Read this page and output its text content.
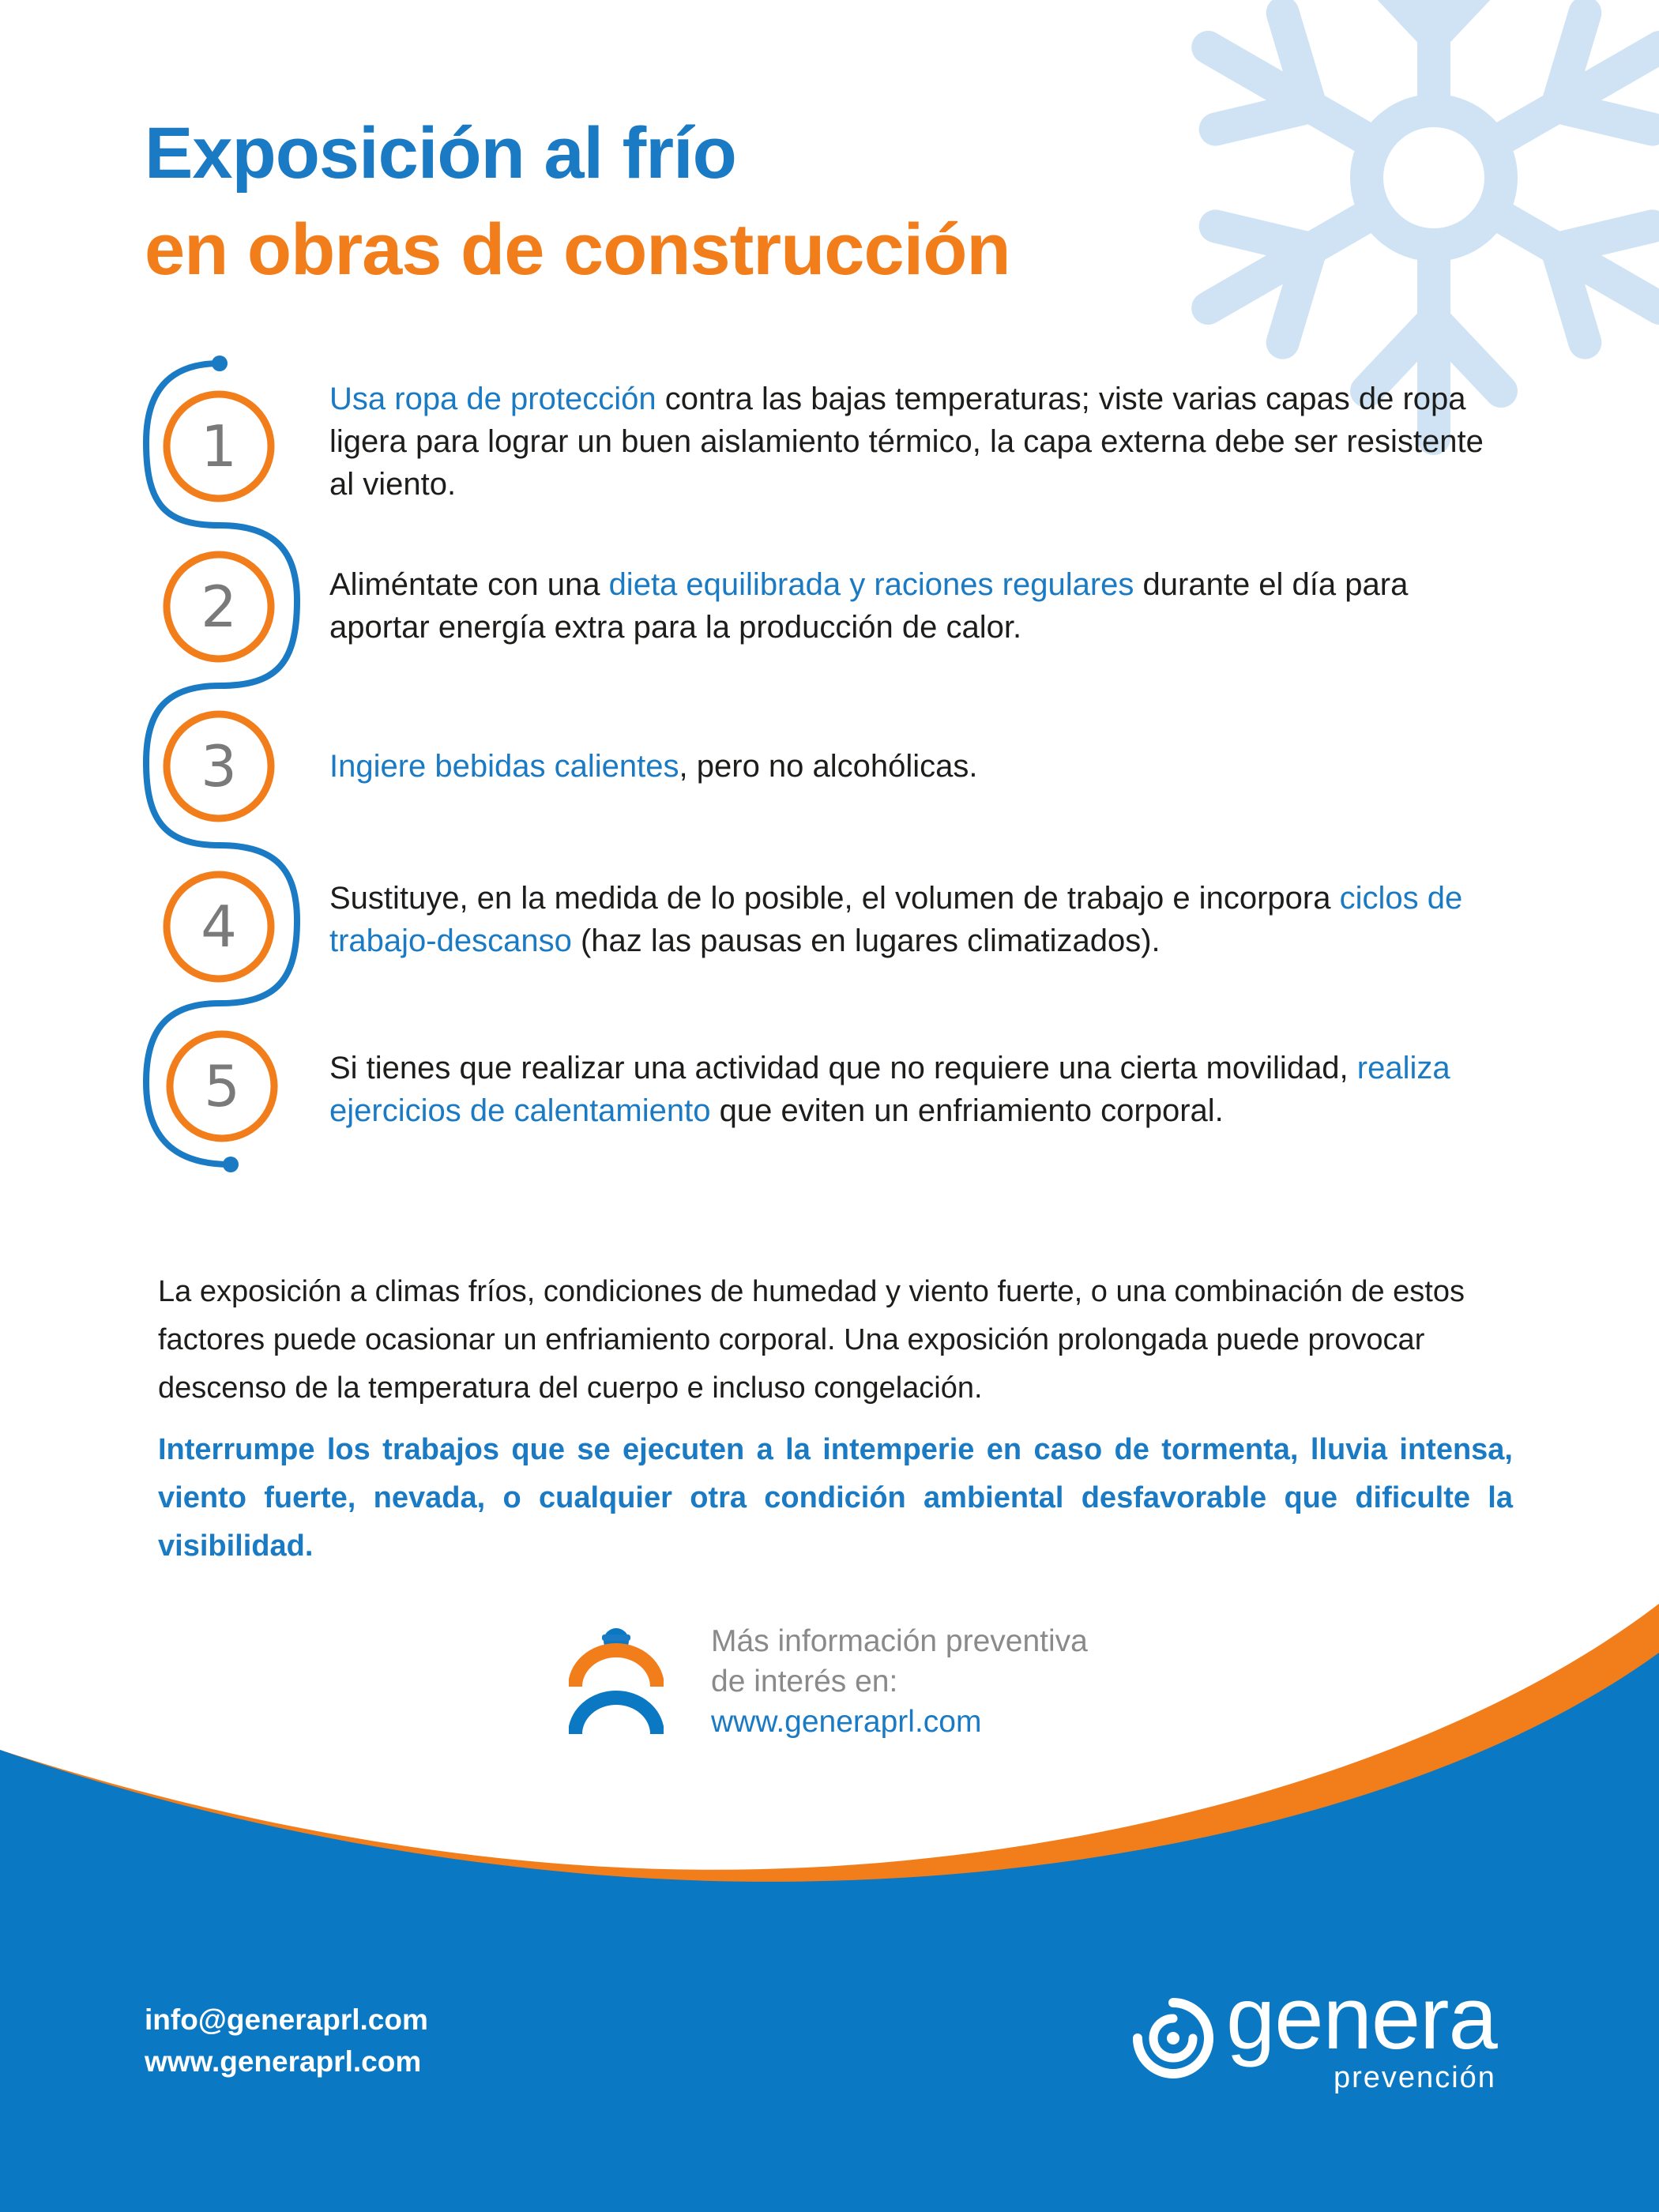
Exposición al frío
en obras de construcción
1
2
3
4
5
Usa ropa de protección contra las bajas temperaturas; viste varias capas de ropa ligera para lograr un buen aislamiento térmico, la capa externa debe ser resistente al viento.
Aliméntate con una dieta equilibrada y raciones regulares durante el día para aportar energía extra para la producción de calor.
Ingiere bebidas calientes, pero no alcohólicas.
Sustituye, en la medida de lo posible, el volumen de trabajo e incorpora ciclos de trabajo-descanso (haz las pausas en lugares climatizados).
Si tienes que realizar una actividad que no requiere una cierta movilidad, realiza ejercicios de calentamiento que eviten un enfriamiento corporal.
La exposición a climas fríos, condiciones de humedad y viento fuerte, o una combinación de estos factores puede ocasionar un enfriamiento corporal. Una exposición prolongada puede provocar descenso de la temperatura del cuerpo e incluso congelación.
Interrumpe los trabajos que se ejecuten a la intemperie en caso de tormenta, lluvia intensa, viento fuerte, nevada, o cualquier otra condición ambiental desfavorable que dificulte la visibilidad.
Más información preventiva
de interés en:
www.generaprl.com
info@generaprl.com
www.generaprl.com	genera
prevención
